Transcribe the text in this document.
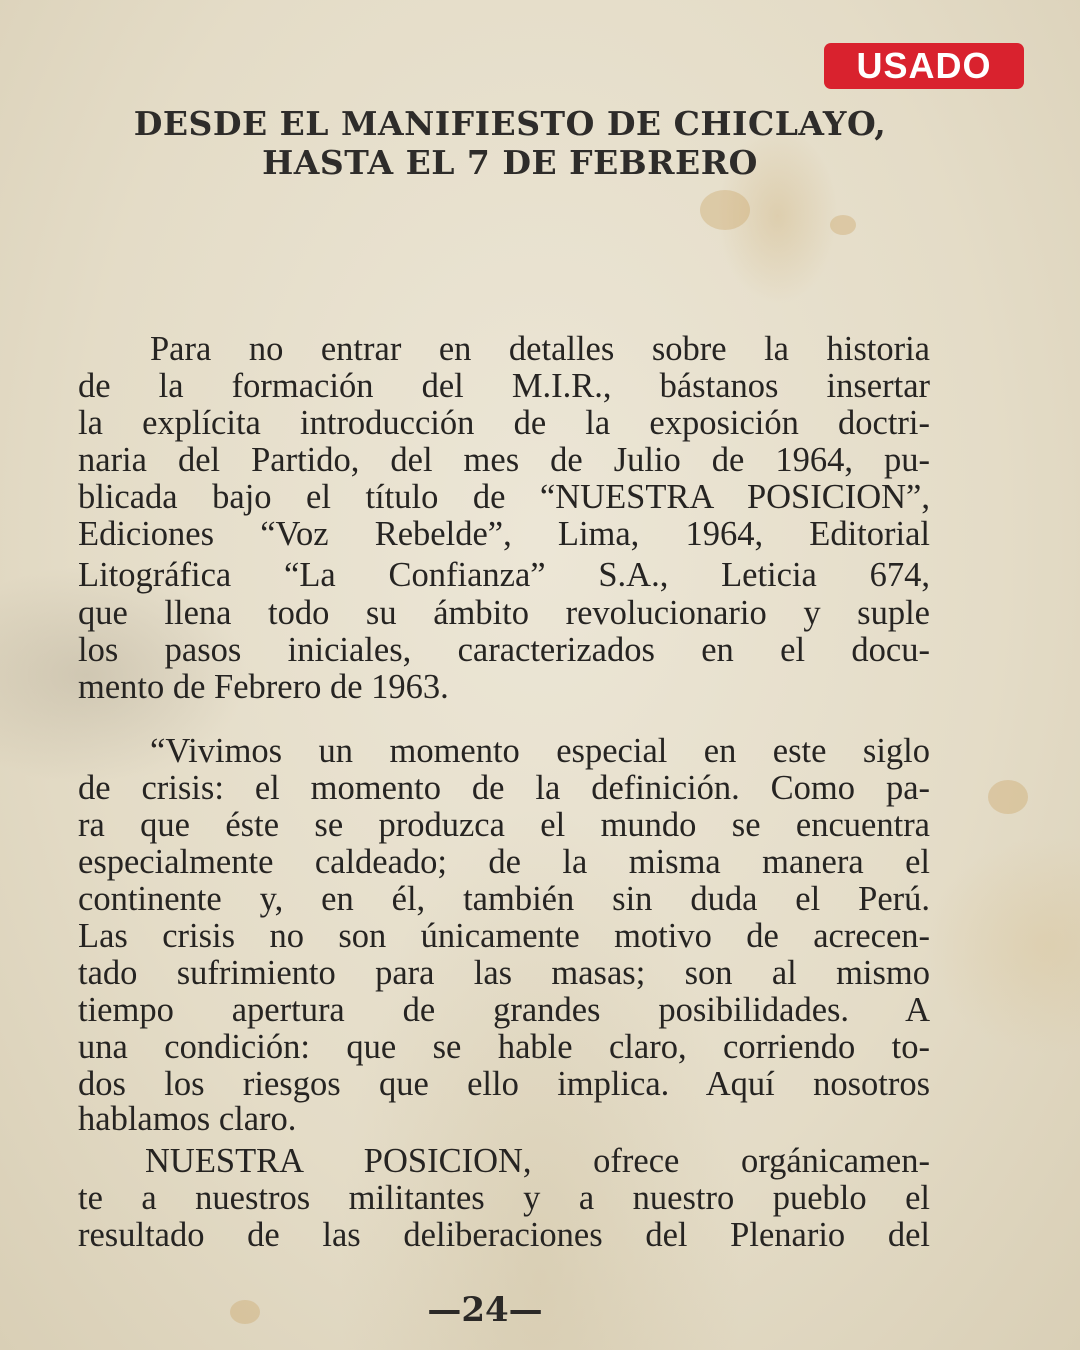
USADO
DESDE EL MANIFIESTO DE CHICLAYO,
HASTA EL 7 DE FEBRERO
Para no entrar en detalles sobre la historia
de la formación del M.I.R., bástanos insertar
la explícita introducción de la exposición doctri-
naria del Partido, del mes de Julio de 1964, pu-
blicada bajo el título de “NUESTRA POSICION”,
Ediciones “Voz Rebelde”, Lima, 1964, Editorial
Litográfica “La Confianza” S.A., Leticia 674,
que llena todo su ámbito revolucionario y suple
los pasos iniciales, caracterizados en el docu-
mento de Febrero de 1963.
“Vivimos un momento especial en este siglo
de crisis: el momento de la definición. Como pa-
ra que éste se produzca el mundo se encuentra
especialmente caldeado; de la misma manera el
continente y, en él, también sin duda el Perú.
Las crisis no son únicamente motivo de acrecen-
tado sufrimiento para las masas; son al mismo
tiempo apertura de grandes posibilidades. A
una condición: que se hable claro, corriendo to-
dos los riesgos que ello implica. Aquí nosotros
hablamos claro.
NUESTRA POSICION, ofrece orgánicamen-
te a nuestros militantes y a nuestro pueblo el
resultado de las deliberaciones del Plenario del
—24—
